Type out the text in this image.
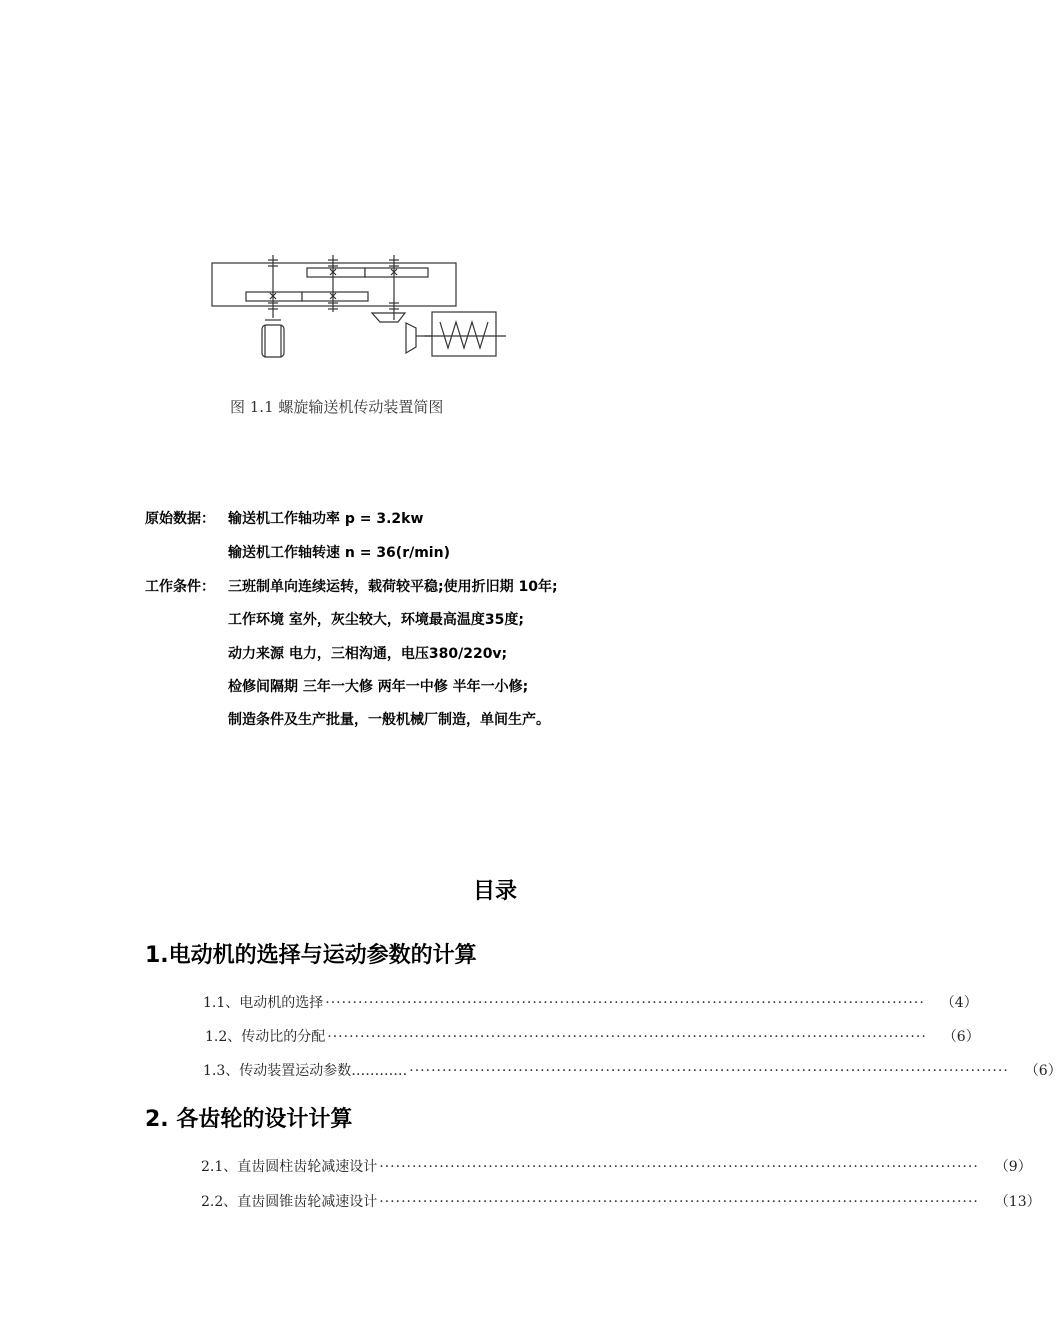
图 1.1 螺旋输送机传动装置简图
原始数据： 输送机工作轴功率 p = 3.2kw
输送机工作轴转速 n = 36(r/min)
工作条件： 三班制单向连续运转，载荷较平稳;使用折旧期 10年;
工作环境 室外，灰尘较大，环境最高温度35度;
动力来源 电力，三相沟通，电压380/220v;
检修间隔期 三年一大修 两年一中修 半年一小修;
制造条件及生产批量，一般机械厂制造，单间生产。
目录
1.电动机的选择与运动参数的计算
1.1、电动机的选择 ·············································································································· （4）
1.2、传动比的分配 ·············································································································· （6）
1.3、传动装置运动参数………… ·············································································································· （6）
2. 各齿轮的设计计算
2.1、直齿圆柱齿轮减速设计 ·············································································································· （9）
2.2、直齿圆锥齿轮减速设计 ·············································································································· （13）
